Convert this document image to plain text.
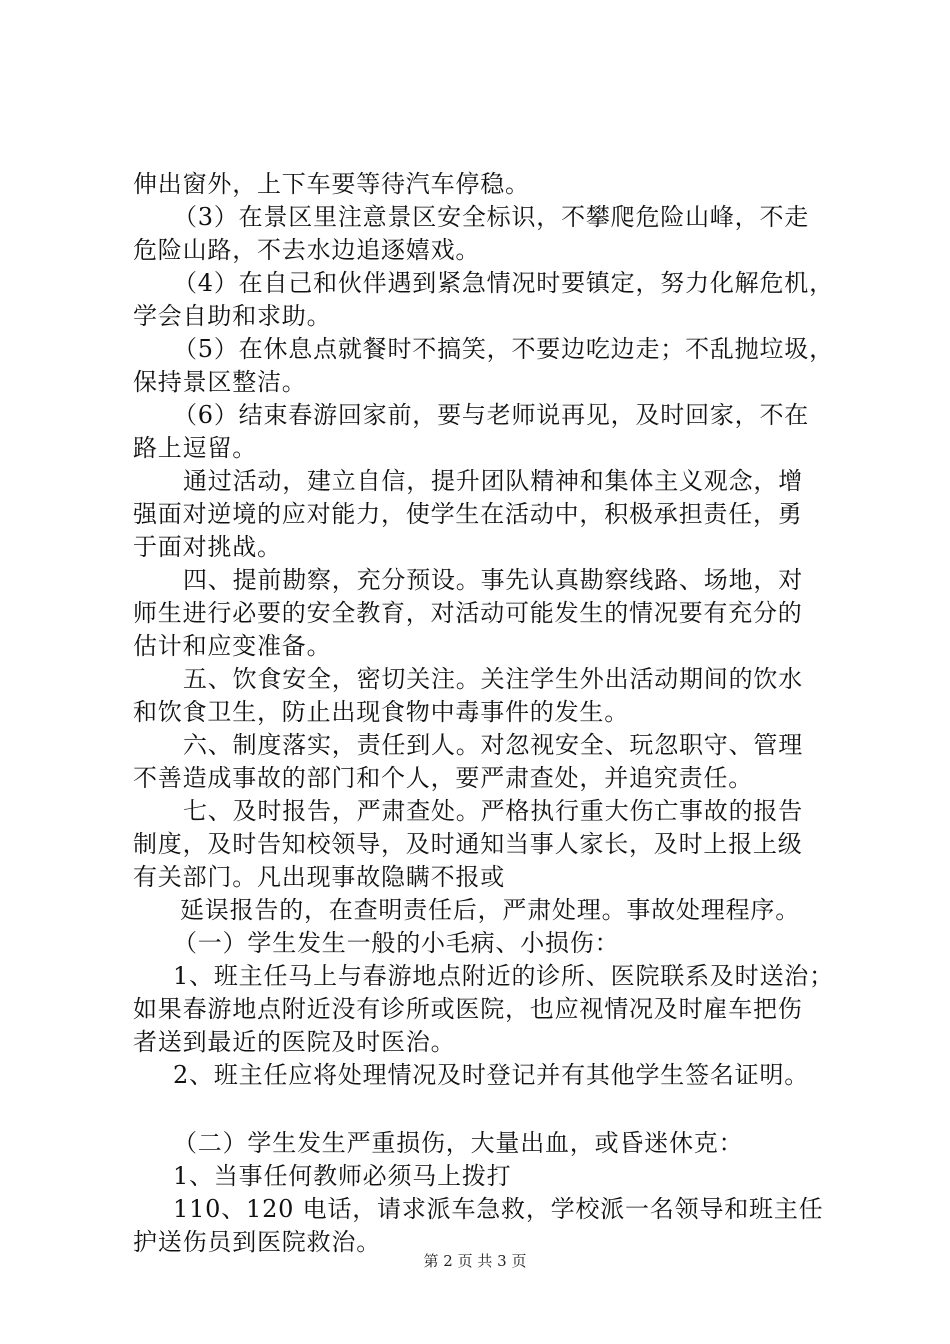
伸出窗外，上下车要等待汽车停稳。
（3）在景区里注意景区安全标识，不攀爬危险山峰，不走
危险山路，不去水边追逐嬉戏。
（4）在自己和伙伴遇到紧急情况时要镇定，努力化解危机，
学会自助和求助。
（5）在休息点就餐时不搞笑，不要边吃边走；不乱抛垃圾，
保持景区整洁。
（6）结束春游回家前，要与老师说再见，及时回家，不在
路上逗留。
通过活动，建立自信，提升团队精神和集体主义观念，增
强面对逆境的应对能力，使学生在活动中，积极承担责任，勇
于面对挑战。
四、提前勘察，充分预设。事先认真勘察线路、场地，对
师生进行必要的安全教育，对活动可能发生的情况要有充分的
估计和应变准备。
五、饮食安全，密切关注。关注学生外出活动期间的饮水
和饮食卫生，防止出现食物中毒事件的发生。
六、制度落实，责任到人。对忽视安全、玩忽职守、管理
不善造成事故的部门和个人，要严肃查处，并追究责任。
七、及时报告，严肃查处。严格执行重大伤亡事故的报告
制度，及时告知校领导，及时通知当事人家长，及时上报上级
有关部门。凡出现事故隐瞒不报或
延误报告的，在查明责任后，严肃处理。事故处理程序。
（一）学生发生一般的小毛病、小损伤：
1、班主任马上与春游地点附近的诊所、医院联系及时送治；
如果春游地点附近没有诊所或医院，也应视情况及时雇车把伤
者送到最近的医院及时医治。
2、班主任应将处理情况及时登记并有其他学生签名证明。
（二）学生发生严重损伤，大量出血，或昏迷休克：
1、当事任何教师必须马上拨打
110、120 电话，请求派车急救，学校派一名领导和班主任
护送伤员到医院救治。
第 2 页 共 3 页
